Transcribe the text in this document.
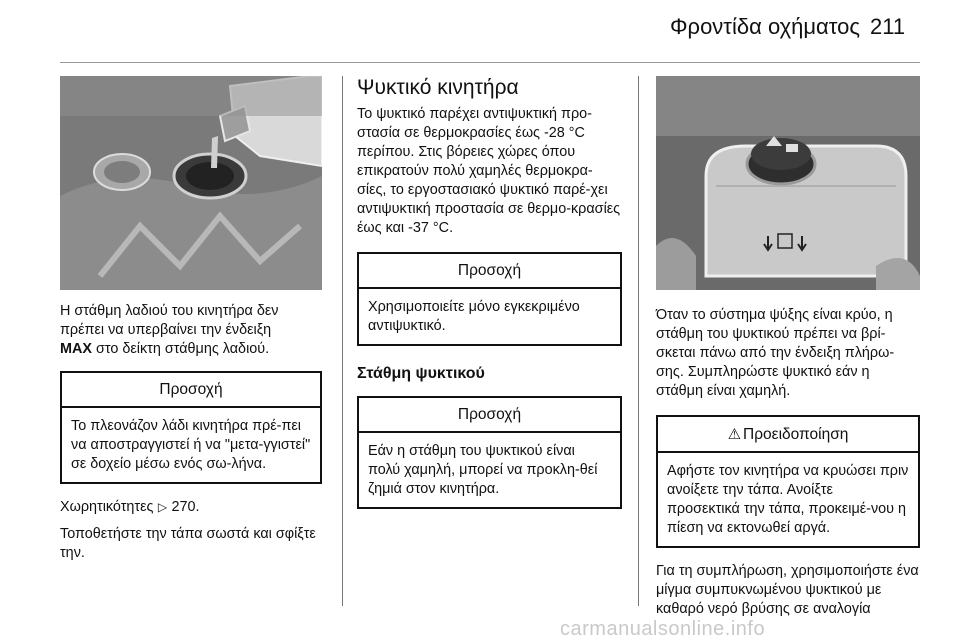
Φροντίδα οχήματος 211

Η στάθμη λαδιού του κινητήρα δεν
πρέπει να υπερβαίνει την ένδειξη
MAX στο δείκτη στάθμης λαδιού.

Προσοχή
Το πλεονάζον λάδι κινητήρα πρέ-πει να αποστραγγιστεί ή να "μετα-γγιστεί" σε δοχείο μέσω ενός σω-λήνα.

Χωρητικότητες ▷ 270.

Τοποθετήστε την τάπα σωστά και σφίξτε την.

Ψυκτικό κινητήρα

Το ψυκτικό παρέχει αντιψυκτική προ-στασία σε θερμοκρασίες έως -28 °C περίπου. Στις βόρειες χώρες όπου επικρατούν πολύ χαμηλές θερμοκρα-σίες, το εργοστασιακό ψυκτικό παρέ-χει αντιψυκτική προστασία σε θερμο-κρασίες έως και -37 °C.

Προσοχή
Χρησιμοποιείτε μόνο εγκεκριμένο αντιψυκτικό.
Στάθμη ψυκτικού
Προσοχή
Εάν η στάθμη του ψυκτικού είναι πολύ χαμηλή, μπορεί να προκλη-θεί ζημιά στον κινητήρα.

Όταν το σύστημα ψύξης είναι κρύο, η στάθμη του ψυκτικού πρέπει να βρί-σκεται πάνω από την ένδειξη πλήρω-σης. Συμπληρώστε ψυκτικό εάν η στάθμη είναι χαμηλή.

⚠ Προειδοποίηση
Αφήστε τον κινητήρα να κρυώσει πριν ανοίξετε την τάπα. Ανοίξτε προσεκτικά την τάπα, προκειμέ-νου η πίεση να εκτονωθεί αργά.

Για τη συμπλήρωση, χρησιμοποιήστε ένα μίγμα συμπυκνωμένου ψυκτικού με καθαρό νερό βρύσης σε αναλογία

carmanualsonline.info
